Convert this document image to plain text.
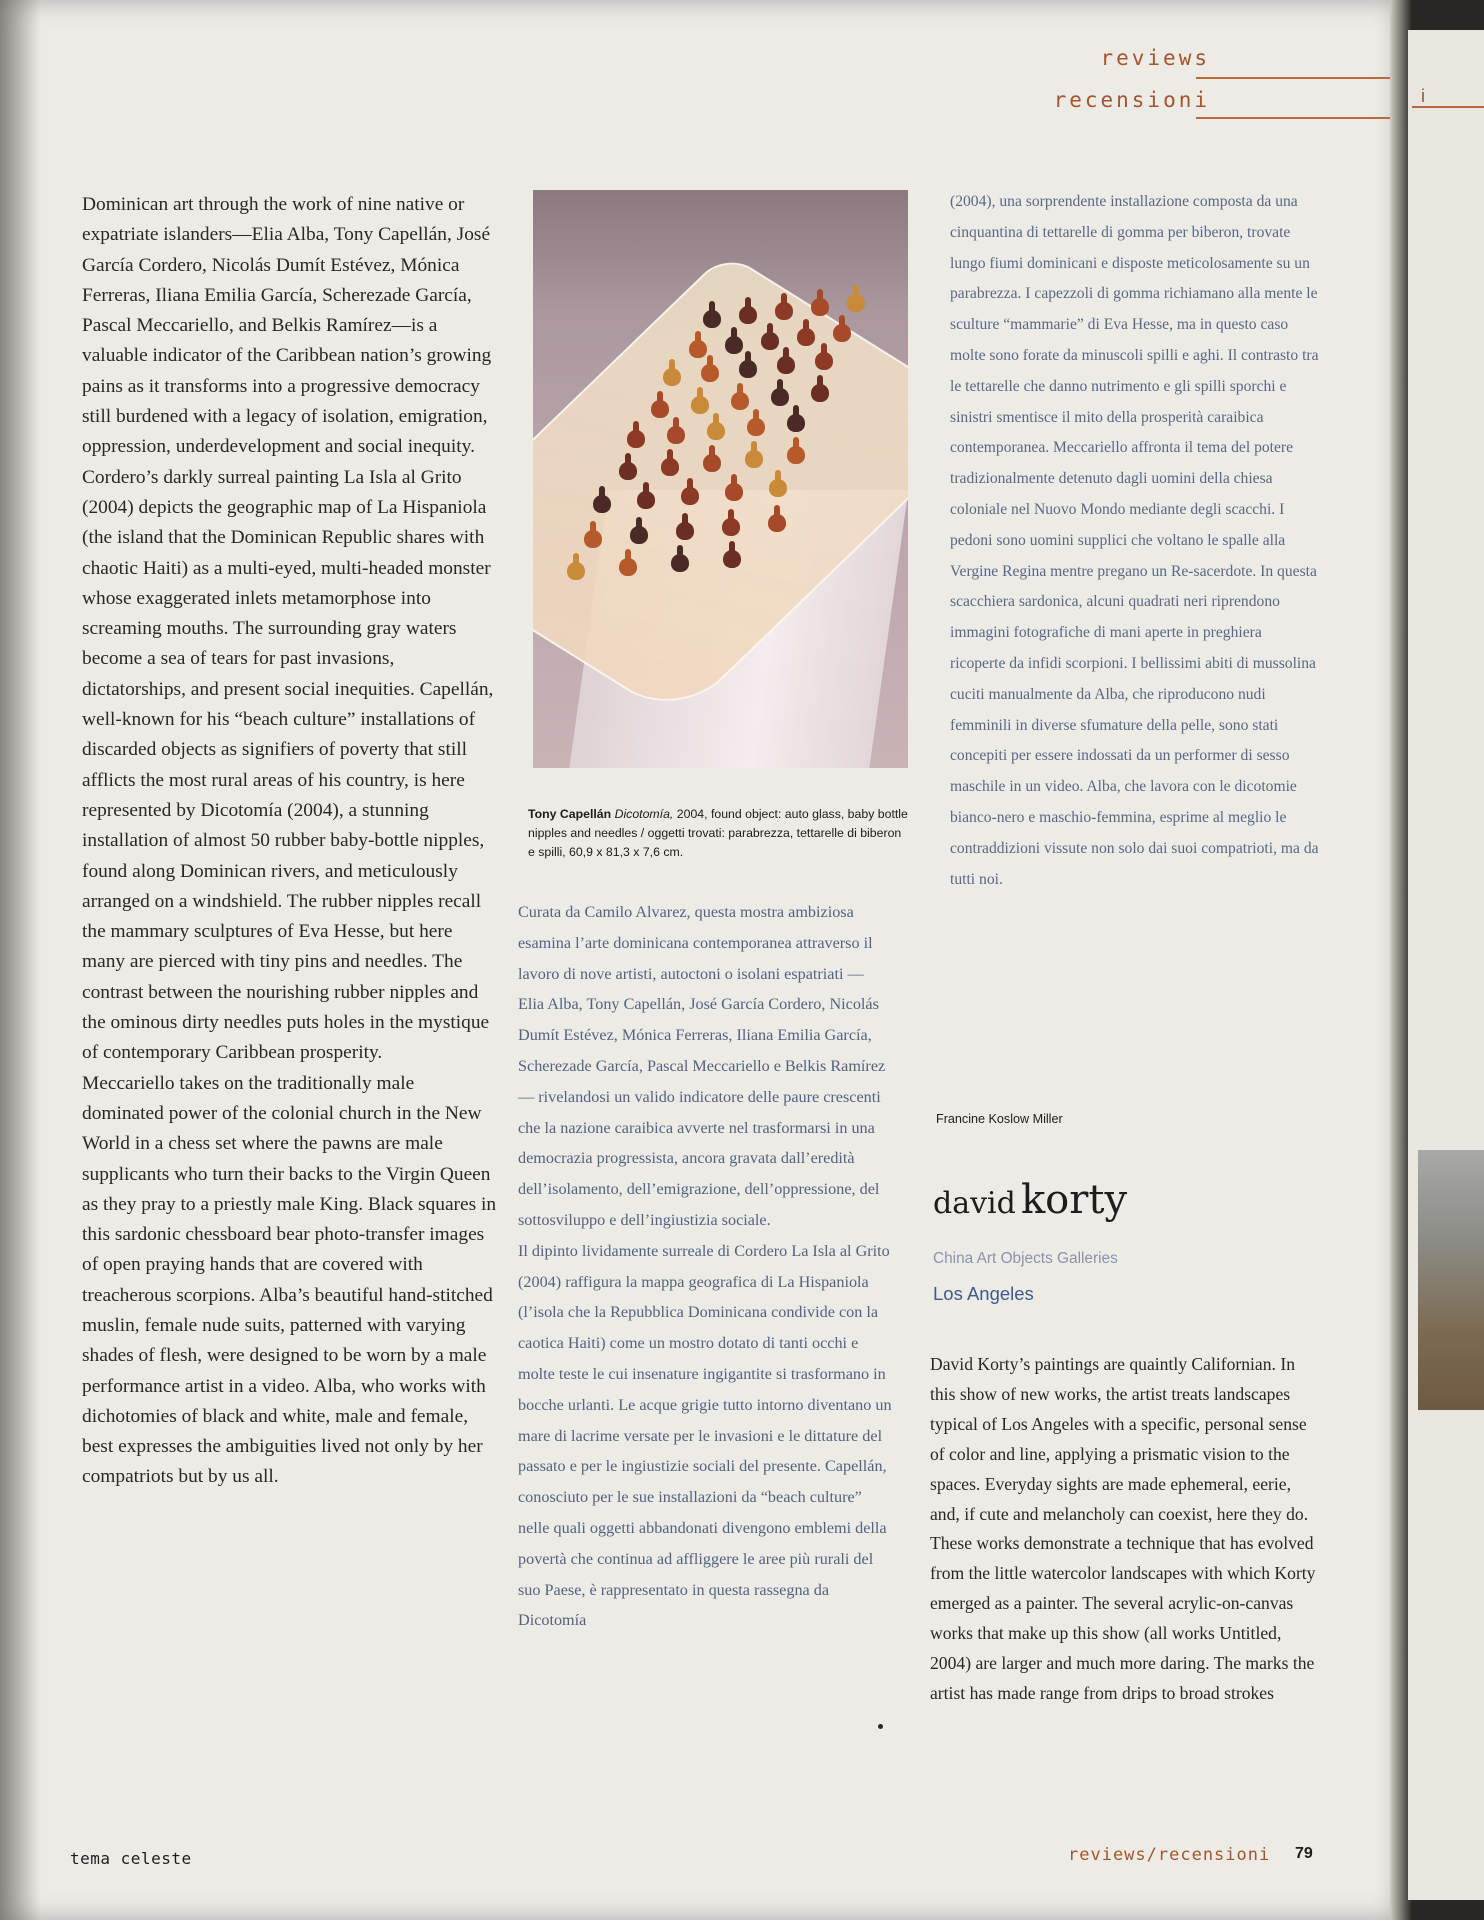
reviews
recensioni

Dominican art through the work of nine native or expatriate islanders—Elia Alba, Tony Capellán, José García Cordero, Nicolás Dumít Estévez, Mónica Ferreras, Iliana Emilia García, Scherezade García, Pascal Meccariello, and Belkis Ramírez—is a valuable indicator of the Caribbean nation’s growing pains as it transforms into a progressive democracy still burdened with a legacy of isolation, emigration, oppression, underdevelopment and social inequity. Cordero’s darkly surreal painting La Isla al Grito (2004) depicts the geographic map of La Hispaniola (the island that the Dominican Republic shares with chaotic Haiti) as a multi-eyed, multi-headed monster whose exaggerated inlets metamorphose into screaming mouths. The surrounding gray waters become a sea of tears for past invasions, dictatorships, and present social inequities. Capellán, well-known for his “beach culture” installations of discarded objects as signifiers of poverty that still afflicts the most rural areas of his country, is here represented by Dicotomía (2004), a stunning installation of almost 50 rubber baby-bottle nipples, found along Dominican rivers, and meticulously arranged on a windshield. The rubber nipples recall the mammary sculptures of Eva Hesse, but here many are pierced with tiny pins and needles. The contrast between the nourishing rubber nipples and the ominous dirty needles puts holes in the mystique of contemporary Caribbean prosperity.

Meccariello takes on the traditionally male dominated power of the colonial church in the New World in a chess set where the pawns are male supplicants who turn their backs to the Virgin Queen as they pray to a priestly male King. Black squares in this sardonic chessboard bear photo-transfer images of open praying hands that are covered with treacherous scorpions. Alba’s beautiful hand-stitched muslin, female nude suits, patterned with varying shades of flesh, were designed to be worn by a male performance artist in a video. Alba, who works with dichotomies of black and white, male and female, best expresses the ambiguities lived not only by her compatriots but by us all.

Tony Capellán Dicotomía, 2004, found object: auto glass, baby bottle nipples and needles / oggetti trovati: parabrezza, tettarelle di biberon e spilli, 60,9 x 81,3 x 7,6 cm.

Curata da Camilo Alvarez, questa mostra ambiziosa esamina l’arte dominicana contemporanea attraverso il lavoro di nove artisti, autoctoni o isolani espatriati — Elia Alba, Tony Capellán, José García Cordero, Nicolás Dumít Estévez, Mónica Ferreras, Iliana Emilia García, Scherezade García, Pascal Meccariello e Belkis Ramírez — rivelandosi un valido indicatore delle paure crescenti che la nazione caraibica avverte nel trasformarsi in una democrazia progressista, ancora gravata dall’eredità dell’isolamento, dell’emigrazione, dell’oppressione, del sottosviluppo e dell’ingiustizia sociale.

Il dipinto lividamente surreale di Cordero La Isla al Grito (2004) raffigura la mappa geografica di La Hispaniola (l’isola che la Repubblica Dominicana condivide con la caotica Haiti) come un mostro dotato di tanti occhi e molte teste le cui insenature ingigantite si trasformano in bocche urlanti. Le acque grigie tutto intorno diventano un mare di lacrime versate per le invasioni e le dittature del passato e per le ingiustizie sociali del presente. Capellán, conosciuto per le sue installazioni da “beach culture” nelle quali oggetti abbandonati divengono emblemi della povertà che continua ad affliggere le aree più rurali del suo Paese, è rappresentato in questa rassegna da Dicotomía

(2004), una sorprendente installazione composta da una cinquantina di tettarelle di gomma per biberon, trovate lungo fiumi dominicani e disposte meticolosamente su un parabrezza. I capezzoli di gomma richiamano alla mente le sculture “mammarie” di Eva Hesse, ma in questo caso molte sono forate da minuscoli spilli e aghi. Il contrasto tra le tettarelle che danno nutrimento e gli spilli sporchi e sinistri smentisce il mito della prosperità caraibica contemporanea. Meccariello affronta il tema del potere tradizionalmente detenuto dagli uomini della chiesa coloniale nel Nuovo Mondo mediante degli scacchi. I pedoni sono uomini supplici che voltano le spalle alla Vergine Regina mentre pregano un Re-sacerdote. In questa scacchiera sardonica, alcuni quadrati neri riprendono immagini fotografiche di mani aperte in preghiera ricoperte da infidi scorpioni. I bellissimi abiti di mussolina cuciti manualmente da Alba, che riproducono nudi femminili in diverse sfumature della pelle, sono stati concepiti per essere indossati da un performer di sesso maschile in un video. Alba, che lavora con le dicotomie bianco-nero e maschio-femmina, esprime al meglio le contraddizioni vissute non solo dai suoi compatrioti, ma da tutti noi.

Francine Koslow Miller
david korty
China Art Objects Galleries
Los Angeles

David Korty’s paintings are quaintly Californian. In this show of new works, the artist treats landscapes typical of Los Angeles with a specific, personal sense of color and line, applying a prismatic vision to the spaces. Everyday sights are made ephemeral, eerie, and, if cute and melancholy can coexist, here they do. These works demonstrate a technique that has evolved from the little watercolor landscapes with which Korty emerged as a painter. The several acrylic-on-canvas works that make up this show (all works Untitled, 2004) are larger and much more daring. The marks the artist has made range from drips to broad strokes

tema celeste	reviews/recensioni 79
i
